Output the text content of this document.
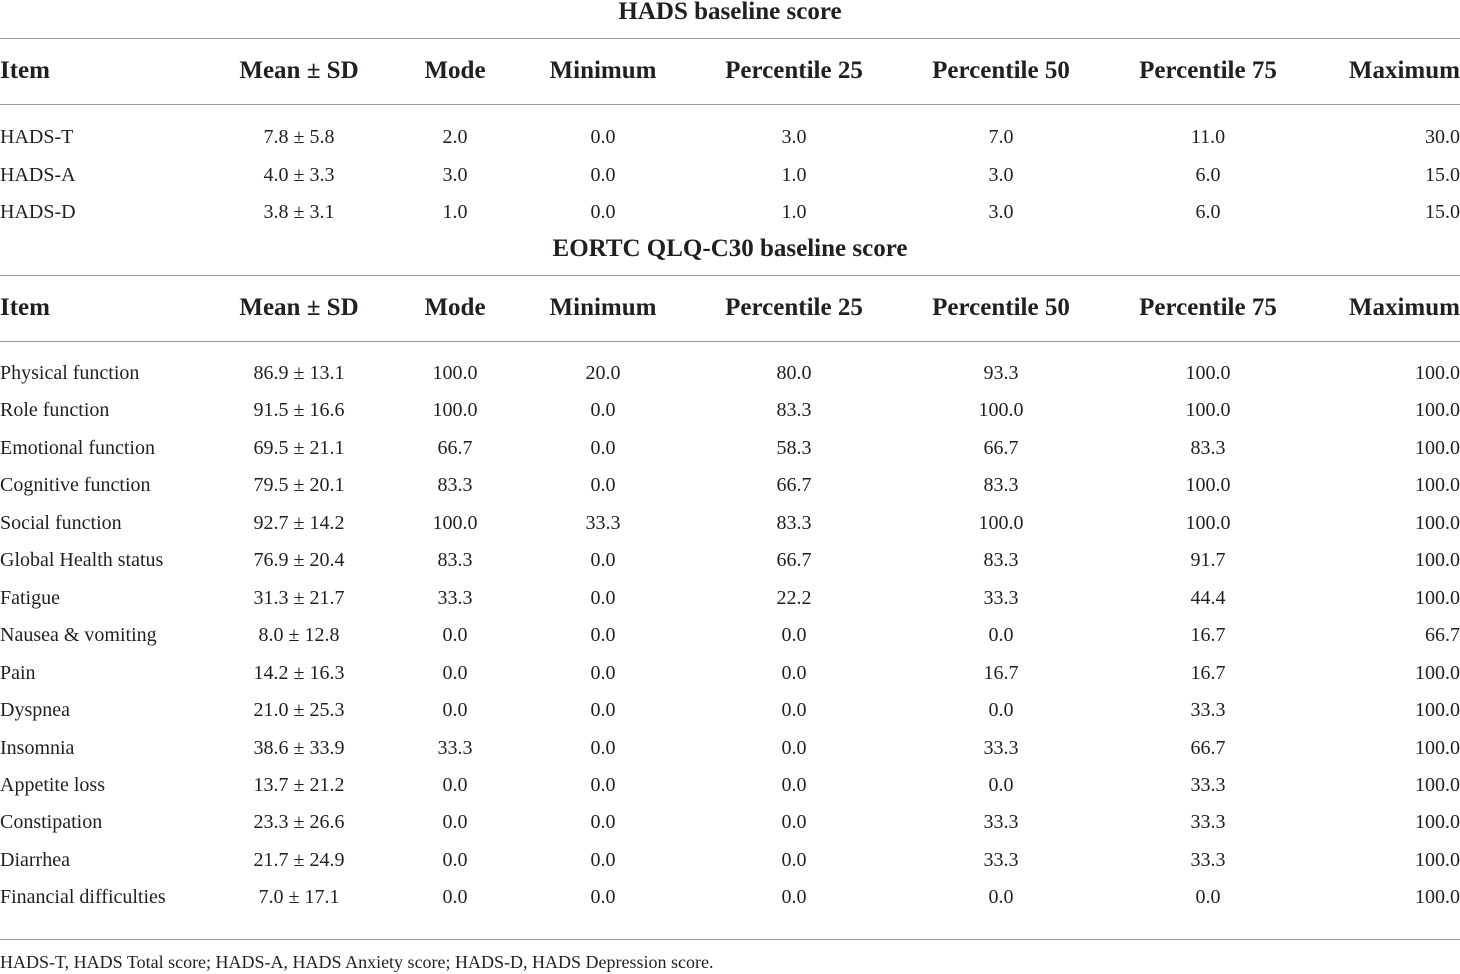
HADS baseline score
Item	Mean ± SD	Mode	Minimum	Percentile 25	Percentile 50	Percentile 75	Maximum
HADS-T	7.8 ± 5.8	2.0	0.0	3.0	7.0	11.0	30.0
HADS-A	4.0 ± 3.3	3.0	0.0	1.0	3.0	6.0	15.0
HADS-D	3.8 ± 3.1	1.0	0.0	1.0	3.0	6.0	15.0
EORTC QLQ-C30 baseline score
Item	Mean ± SD	Mode	Minimum	Percentile 25	Percentile 50	Percentile 75	Maximum
Physical function	86.9 ± 13.1	100.0	20.0	80.0	93.3	100.0	100.0
Role function	91.5 ± 16.6	100.0	0.0	83.3	100.0	100.0	100.0
Emotional function	69.5 ± 21.1	66.7	0.0	58.3	66.7	83.3	100.0
Cognitive function	79.5 ± 20.1	83.3	0.0	66.7	83.3	100.0	100.0
Social function	92.7 ± 14.2	100.0	33.3	83.3	100.0	100.0	100.0
Global Health status	76.9 ± 20.4	83.3	0.0	66.7	83.3	91.7	100.0
Fatigue	31.3 ± 21.7	33.3	0.0	22.2	33.3	44.4	100.0
Nausea & vomiting	8.0 ± 12.8	0.0	0.0	0.0	0.0	16.7	66.7
Pain	14.2 ± 16.3	0.0	0.0	0.0	16.7	16.7	100.0
Dyspnea	21.0 ± 25.3	0.0	0.0	0.0	0.0	33.3	100.0
Insomnia	38.6 ± 33.9	33.3	0.0	0.0	33.3	66.7	100.0
Appetite loss	13.7 ± 21.2	0.0	0.0	0.0	0.0	33.3	100.0
Constipation	23.3 ± 26.6	0.0	0.0	0.0	33.3	33.3	100.0
Diarrhea	21.7 ± 24.9	0.0	0.0	0.0	33.3	33.3	100.0
Financial difficulties	7.0 ± 17.1	0.0	0.0	0.0	0.0	0.0	100.0
HADS-T, HADS Total score; HADS-A, HADS Anxiety score; HADS-D, HADS Depression score.
